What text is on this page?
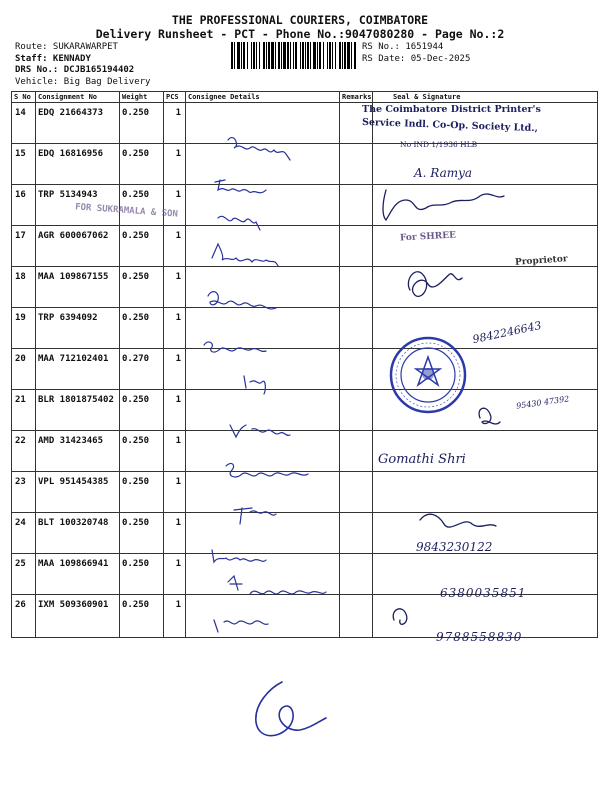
THE PROFESSIONAL COURIERS, COIMBATORE
Delivery Runsheet - PCT - Phone No.:9047080280 - Page No.:2
Route: SUKARAWARPET
Staff: KENNADY
DRS No.: DCJB165194402
Vehicle: Big Bag Delivery
RS No.: 1651944
RS Date: 05-Dec-2025
S No	Consignment No	Weight	PCS	Consignee Details	Remarks	Seal & Signature
14	EDQ 21664373	0.250	1			
15	EDQ 16816956	0.250	1			
16	TRP 5134943	0.250	1			
17	AGR 600067062	0.250	1			
18	MAA 109867155	0.250	1			
19	TRP 6394092	0.250	1			
20	MAA 712102401	0.270	1			
21	BLR 1801875402	0.250	1			
22	AMD 31423465	0.250	1			
23	VPL 951454385	0.250	1			
24	BLT 100320748	0.250	1			
25	MAA 109866941	0.250	1			
26	IXM 509360901	0.250	1			
The Coimbatore District Printer's
Service Indl. Co-Op. Society Ltd.,
No IND 1/1936 HLB
For SHREE
Proprietor
FOR SUKRAMALA & SON
A. Ramya
9842246643
95430 47392
Gomathi Shri
9843230122
6380035851
9788558830
